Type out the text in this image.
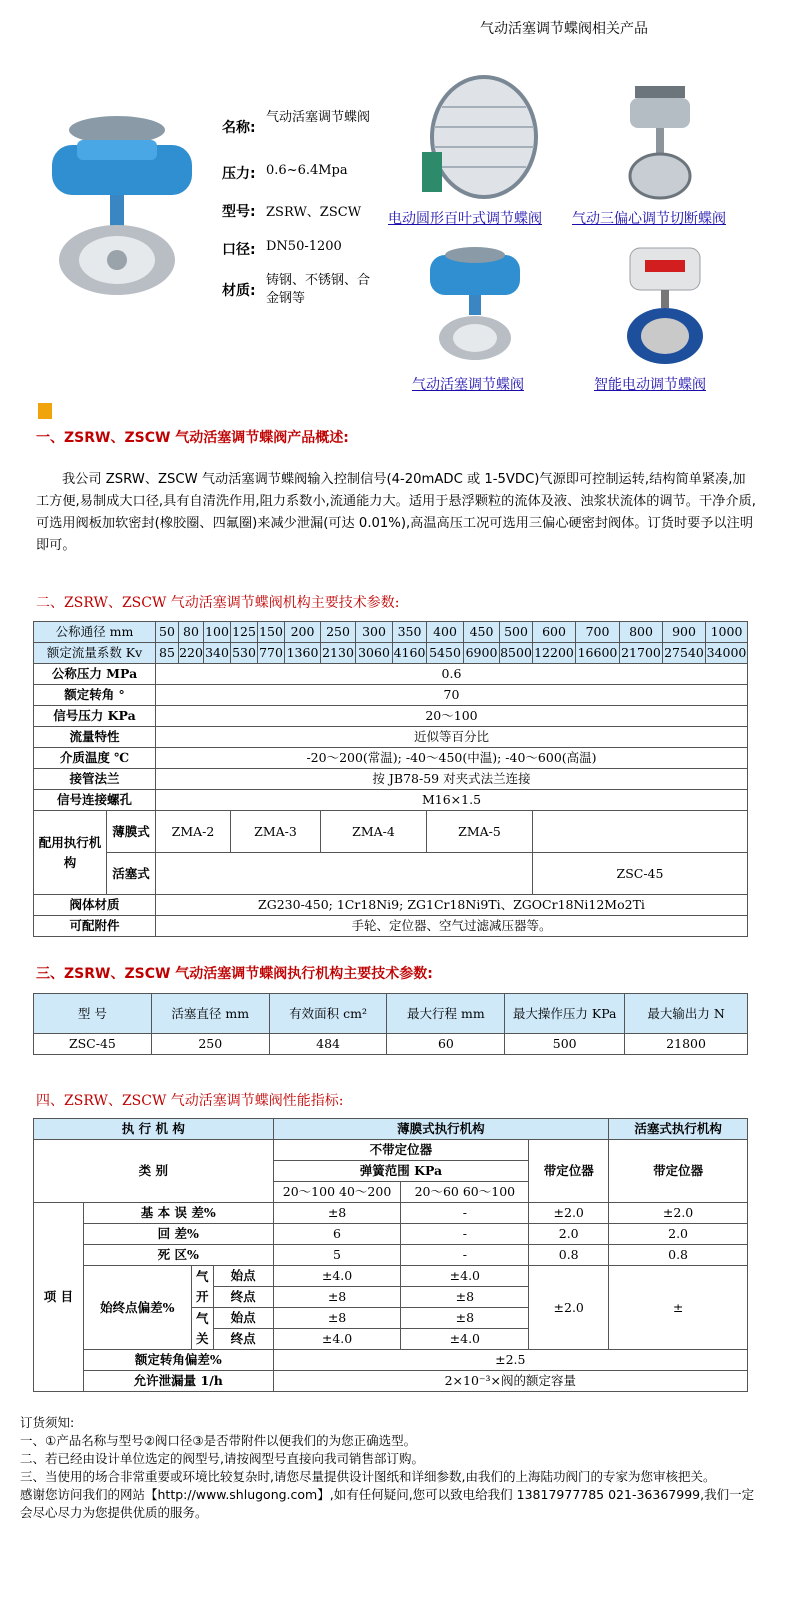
气动活塞调节蝶阀相关产品
名称:
气动活塞调节蝶阀
压力: 0.6~6.4Mpa
型号: ZSRW、ZSCW
口径: DN50-1200
材质:
铸钢、不锈钢、合金钢等
电动圆形百叶式调节蝶阀 气动三偏心调节切断蝶阀
气动活塞调节蝶阀	智能电动调节蝶阀
一、ZSRW、ZSCW 气动活塞调节蝶阀产品概述:
我公司 ZSRW、ZSCW 气动活塞调节蝶阀输入控制信号(4-20mADC 或 1-5VDC)气源即可控制运转,结构简单紧凑,加工方便,易制成大口径,具有自清洗作用,阻力系数小,流通能力大。适用于悬浮颗粒的流体及液、浊浆状流体的调节。干净介质,可选用阀板加软密封(橡胶圈、四氟圈)来减少泄漏(可达 0.01%),高温高压工况可选用三偏心硬密封阀体。订货时要予以注明即可。
二、ZSRW、ZSCW 气动活塞调节蝶阀机构主要技术参数:
公称通径 mm		50	80	100	125	150	200	250	300	350	400	450	500	600	700	800	900	1000
额定流量系数 Kv		85	220	340	530	770	1360	2130	3060	4160	5450	6900	8500	12200	16600	21700	27540	34000
公称压力 MPa		0.6																
额定转角 °		70																
信号压力 KPa		20～100																
流量特性		近似等百分比																
介质温度 ℃		-20～200(常温); -40～450(中温); -40～600(高温)																
接管法兰		按 JB78-59 对夹式法兰连接																
信号连接螺孔		M16×1.5																
配用执行机构	薄膜式	ZMA-2			ZMA-3			ZMA-4			ZMA-5							
	活塞式													ZSC-45				
阀体材质		ZG230-450; 1Cr18Ni9; ZG1Cr18Ni9Ti、ZGOCr18Ni12Mo2Ti																
可配附件		手轮、定位器、空气过滤减压器等。																
三、ZSRW、ZSCW 气动活塞调节蝶阀执行机构主要技术参数:
型 号	活塞直径 mm	有效面积 cm²	最大行程 mm	最大操作压力 KPa	最大输出力 N
ZSC-45	250	484	60	500	21800
四、ZSRW、ZSCW 气动活塞调节蝶阀性能指标:
执 行 机 构				薄膜式执行机构			活塞式执行机构
类 别				不带定位器		带定位器	带定位器
				弹簧范围 KPa			
				20～100 40～200	20～60 60～100		
项 目	基 本 误 差%			±8	-	±2.0	±2.0
	回 差%			6	-	2.0	2.0
	死 区%			5	-	0.8	0.8
	始终点偏差%	气开	始点	±4.0	±4.0	±2.0	±
			终点	±8	±8		
		气关	始点	±8	±8		
			终点	±4.0	±4.0		
	额定转角偏差%			±2.5			
	允许泄漏量 1/h			2×10⁻³×阀的额定容量			
订货须知:
一、①产品名称与型号②阀口径③是否带附件以便我们的为您正确选型。
二、若已经由设计单位选定的阀型号,请按阀型号直接向我司销售部订购。
三、当使用的场合非常重要或环境比较复杂时,请您尽量提供设计图纸和详细参数,由我们的上海陆功阀门的专家为您审核把关。
感谢您访问我们的网站【http://www.shlugong.com】,如有任何疑问,您可以致电给我们 13817977785 021-36367999,我们一定会尽心尽力为您提供优质的服务。
